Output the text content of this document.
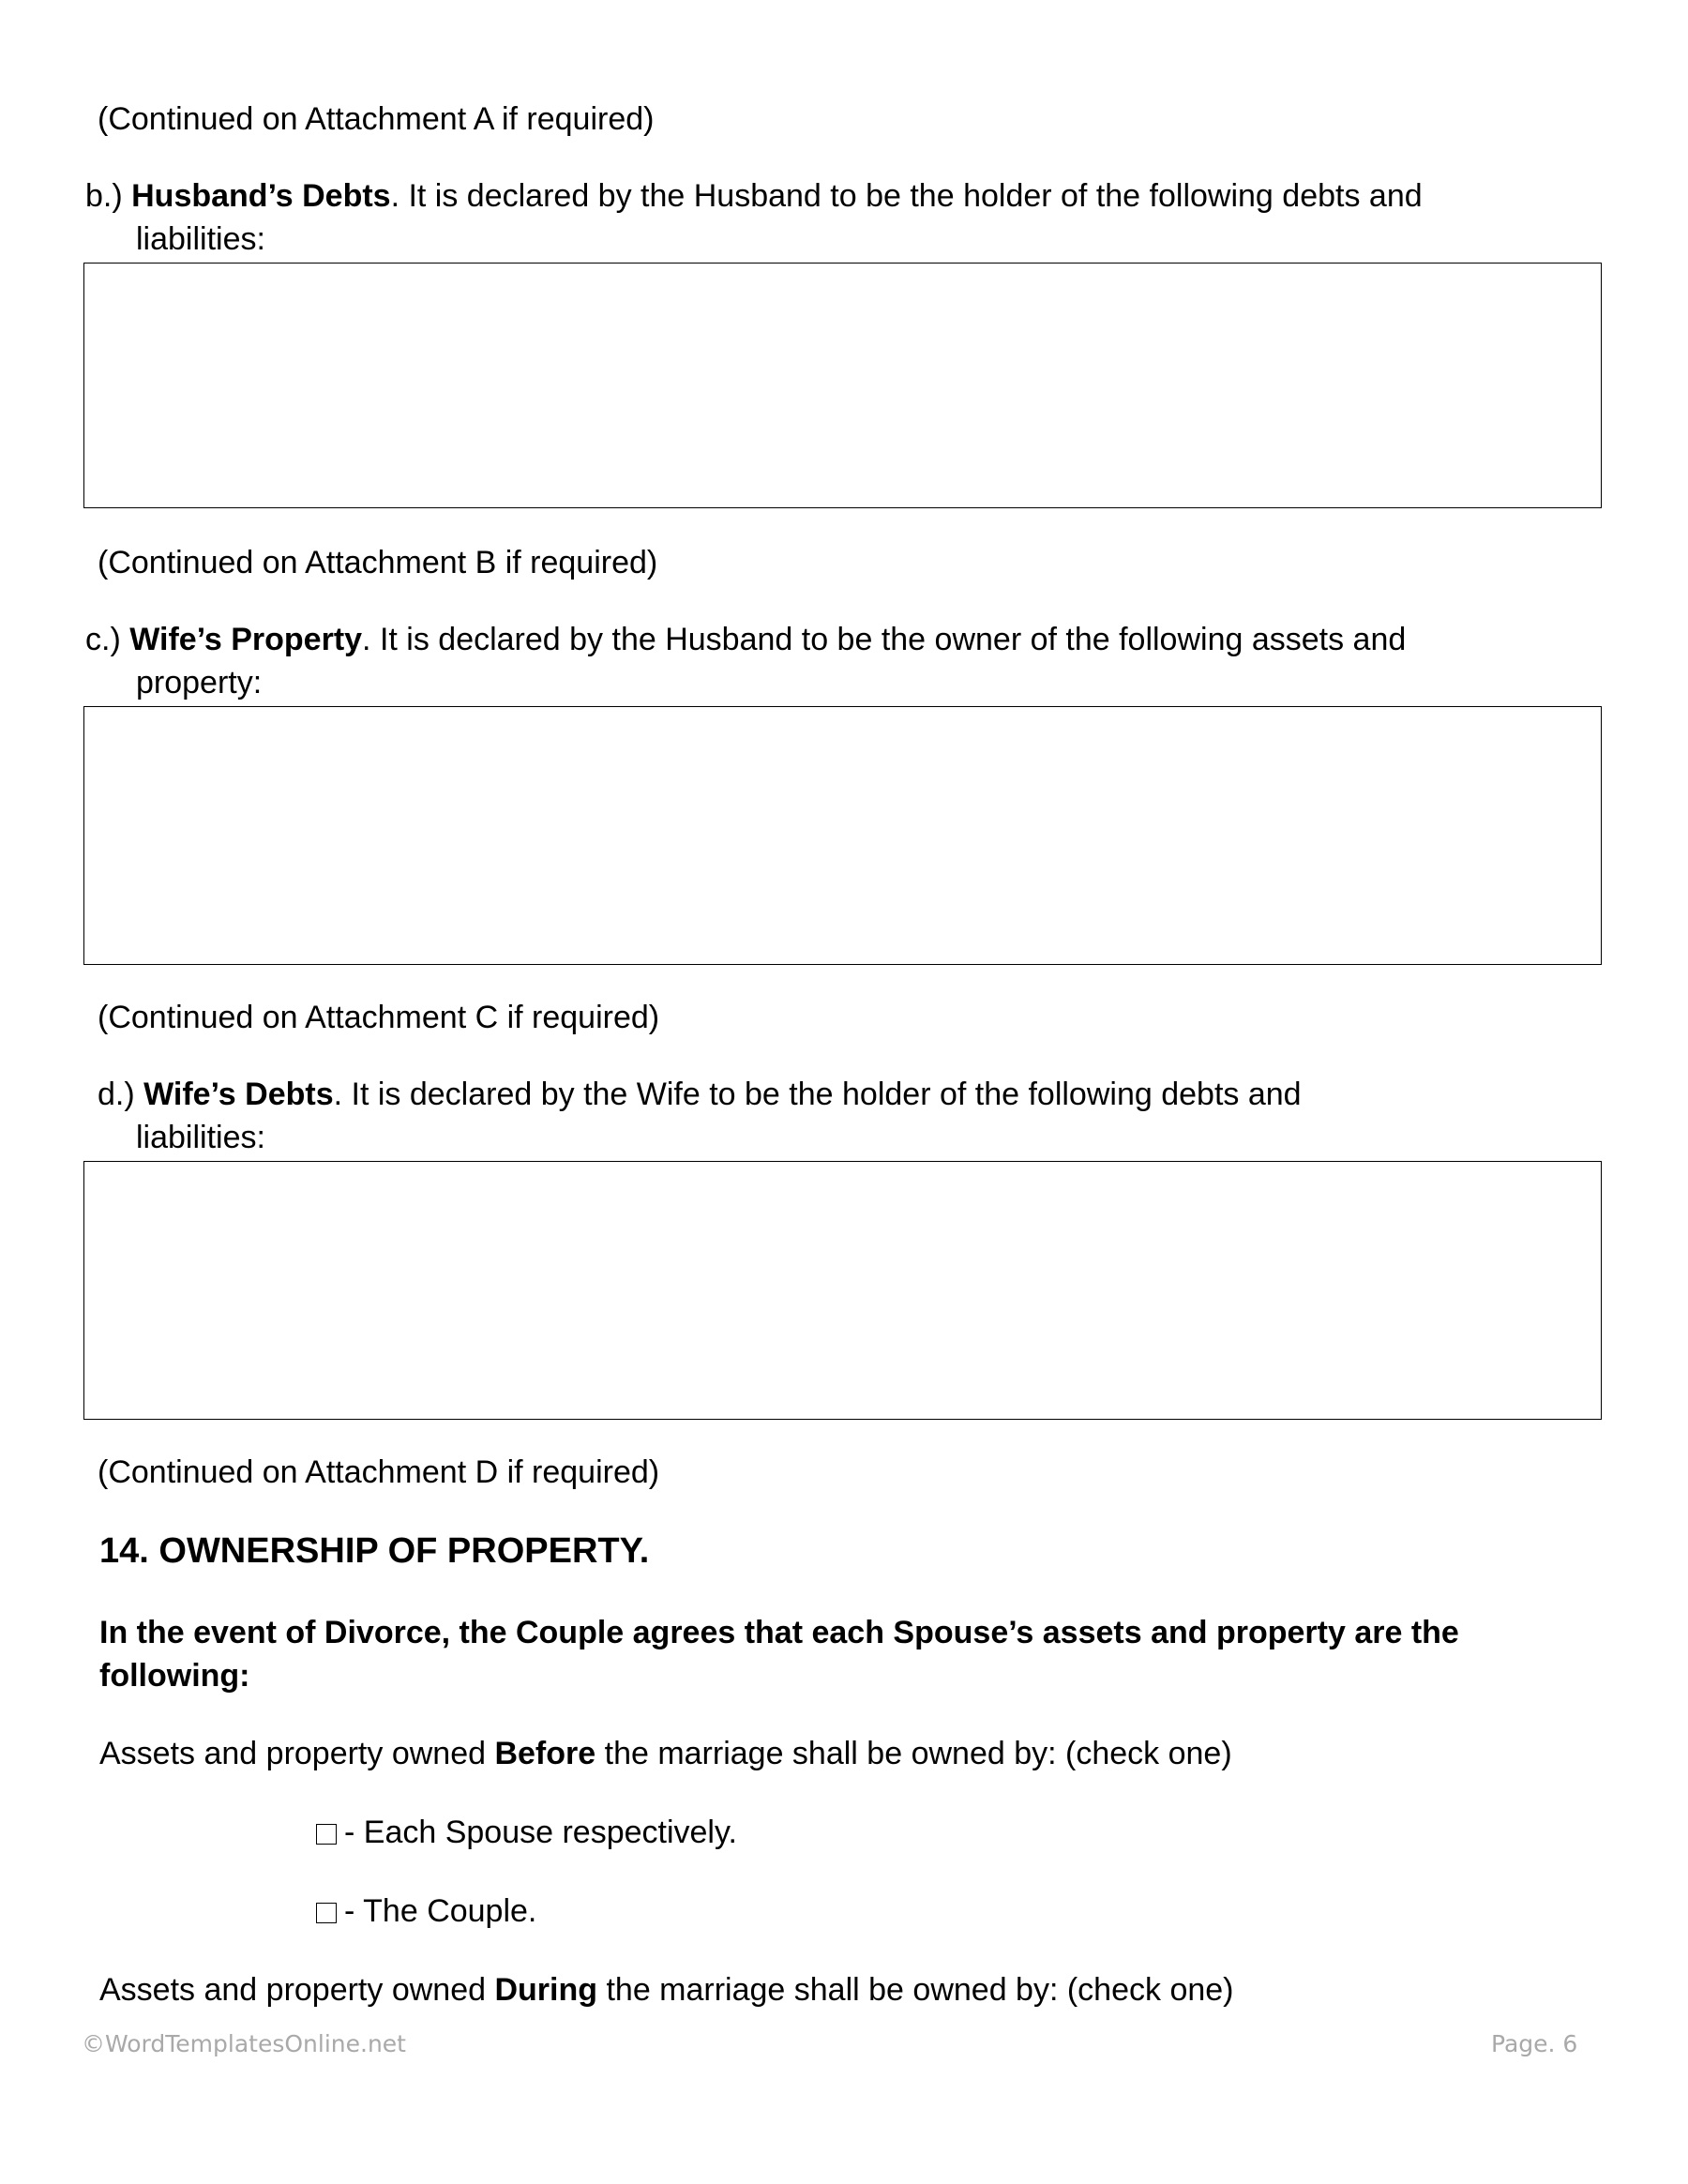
(Continued on Attachment A if required)
b.) Husband’s Debts. It is declared by the Husband to be the holder of the following debts and
liabilities:
(Continued on Attachment B if required)
c.) Wife’s Property. It is declared by the Husband to be the owner of the following assets and
property:
(Continued on Attachment C if required)
d.) Wife’s Debts. It is declared by the Wife to be the holder of the following debts and
liabilities:
(Continued on Attachment D if required)
14. OWNERSHIP OF PROPERTY.
In the event of Divorce, the Couple agrees that each Spouse’s assets and property are the
following:
Assets and property owned Before the marriage shall be owned by: (check one)
- Each Spouse respectively.
- The Couple.
Assets and property owned During the marriage shall be owned by: (check one)
©WordTemplatesOnline.net	Page. 6
